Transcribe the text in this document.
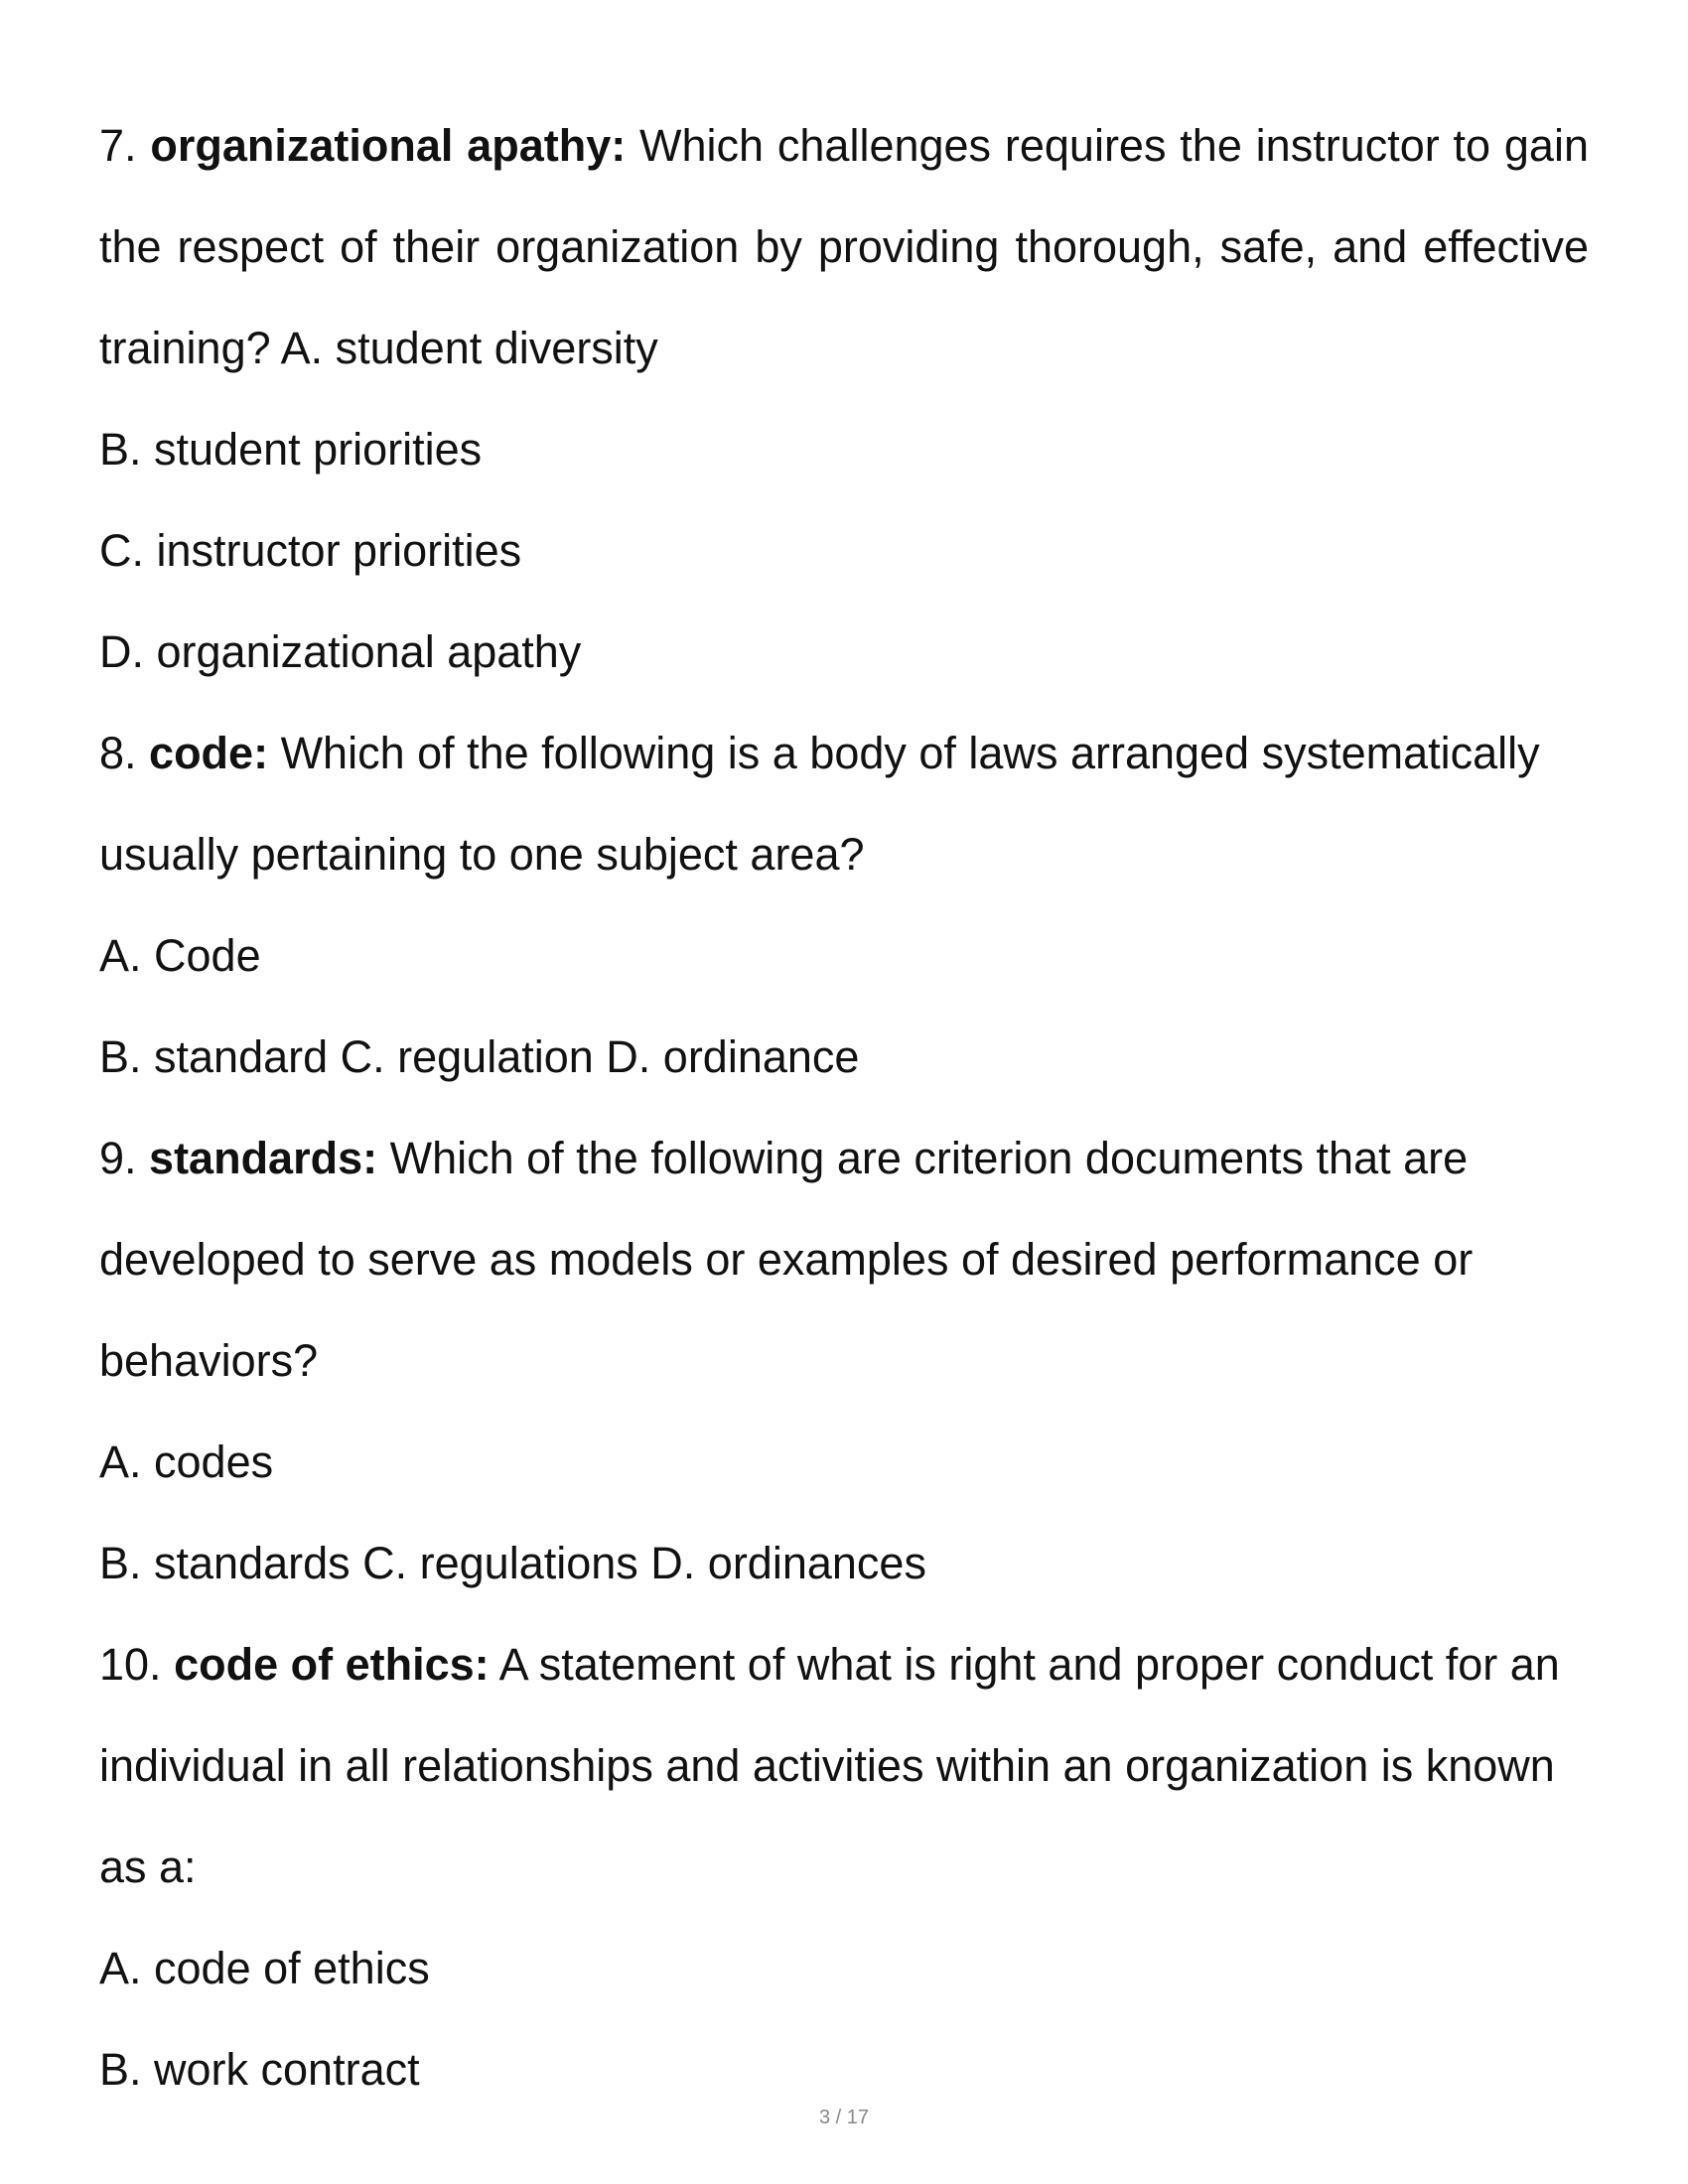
7. organizational apathy: Which challenges requires the instructor to gain
the respect of their organization by providing thorough, safe, and effective
training? A. student diversity
B. student priorities
C. instructor priorities
D. organizational apathy
8. code: Which of the following is a body of laws arranged systematically
usually pertaining to one subject area?
A. Code
B. standard C. regulation D. ordinance
9. standards: Which of the following are criterion documents that are
developed to serve as models or examples of desired performance or
behaviors?
A. codes
B. standards C. regulations D. ordinances
10. code of ethics: A statement of what is right and proper conduct for an
individual in all relationships and activities within an organization is known
as a:
A. code of ethics
B. work contract
3 / 17
